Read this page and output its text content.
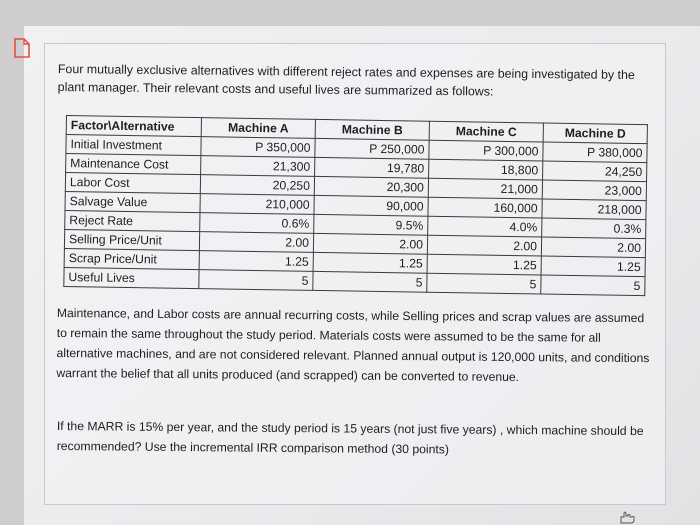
Four mutually exclusive alternatives with different reject rates and expenses are being investigated by the plant manager. Their relevant costs and useful lives are summarized as follows:

Factor\Alternative	Machine A	Machine B	Machine C	Machine D
Initial Investment	P 350,000	P 250,000	P 300,000	P 380,000
Maintenance Cost	21,300	19,780	18,800	24,250
Labor Cost	20,250	20,300	21,000	23,000
Salvage Value	210,000	90,000	160,000	218,000
Reject Rate	0.6%	9.5%	4.0%	0.3%
Selling Price/Unit	2.00	2.00	2.00	2.00
Scrap Price/Unit	1.25	1.25	1.25	1.25
Useful Lives	5	5	5	5

Maintenance, and Labor costs are annual recurring costs, while Selling prices and scrap values are assumed to remain the same throughout the study period. Materials costs were assumed to be the same for all alternative machines, and are not considered relevant. Planned annual output is 120,000 units, and conditions warrant the belief that all units produced (and scrapped) can be converted to revenue.

If the MARR is 15% per year, and the study period is 15 years (not just five years) , which machine should be recommended? Use the incremental IRR comparison method (30 points)
